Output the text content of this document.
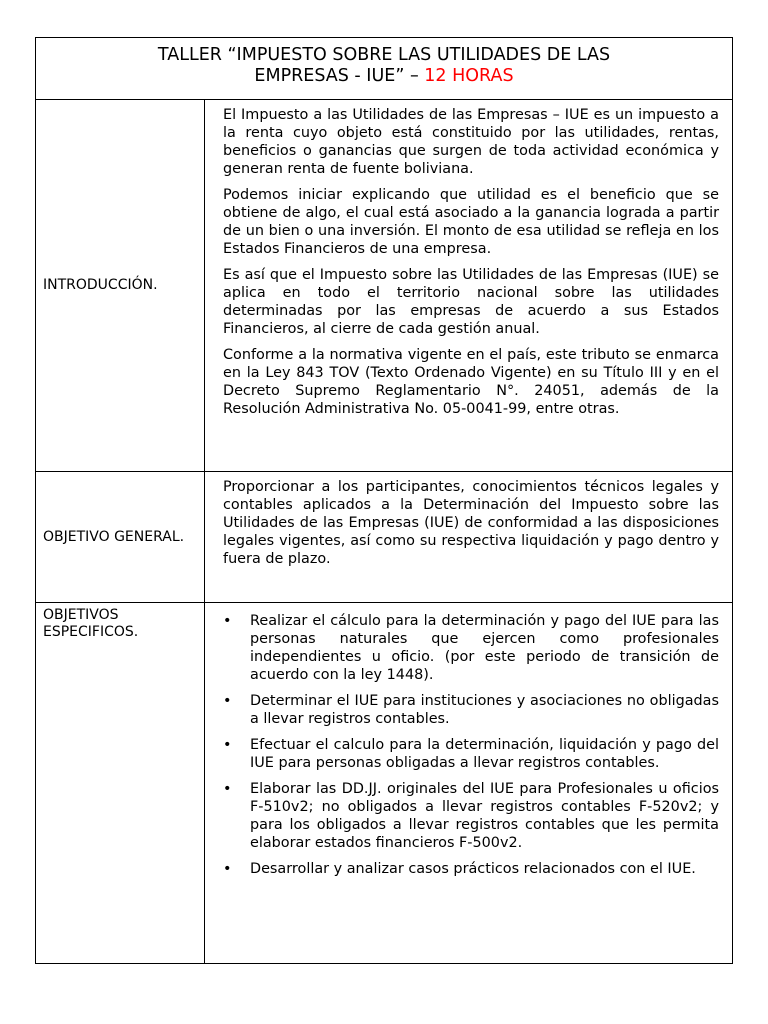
TALLER “IMPUESTO SOBRE LAS UTILIDADES DE LAS
EMPRESAS - IUE” – 12 HORAS
INTRODUCCIÓN.

El Impuesto a las Utilidades de las Empresas – IUE es un impuesto a la renta cuyo objeto está constituido por las utilidades, rentas, beneficios o ganancias que surgen de toda actividad económica y generan renta de fuente boliviana.

Podemos iniciar explicando que utilidad es el beneficio que se obtiene de algo, el cual está asociado a la ganancia lograda a partir de un bien o una inversión. El monto de esa utilidad se refleja en los Estados Financieros de una empresa.

Es así que el Impuesto sobre las Utilidades de las Empresas (IUE) se aplica en todo el territorio nacional sobre las utilidades determinadas por las empresas de acuerdo a sus Estados Financieros, al cierre de cada gestión anual.

Conforme a la normativa vigente en el país, este tributo se enmarca en la Ley 843 TOV (Texto Ordenado Vigente) en su Título III y en el Decreto Supremo Reglamentario N°. 24051, además de la Resolución Administrativa No. 05-0041-99, entre otras.

OBJETIVO GENERAL.

Proporcionar a los participantes, conocimientos técnicos legales y contables aplicados a la Determinación del Impuesto sobre las Utilidades de las Empresas (IUE) de conformidad a las disposiciones legales vigentes, así como su respectiva liquidación y pago dentro y fuera de plazo.

OBJETIVOS ESPECIFICOS.
• Realizar el cálculo para la determinación y pago del IUE para las personas naturales que ejercen como profesionales independientes u oficio. (por este periodo de transición de acuerdo con la ley 1448).
• Determinar el IUE para instituciones y asociaciones no obligadas a llevar registros contables.
• Efectuar el calculo para la determinación, liquidación y pago del IUE para personas obligadas a llevar registros contables.
• Elaborar las DD.JJ. originales del IUE para Profesionales u oficios F-510v2; no obligados a llevar registros contables F-520v2; y para los obligados a llevar registros contables que les permita elaborar estados financieros F-500v2.
• Desarrollar y analizar casos prácticos relacionados con el IUE.
